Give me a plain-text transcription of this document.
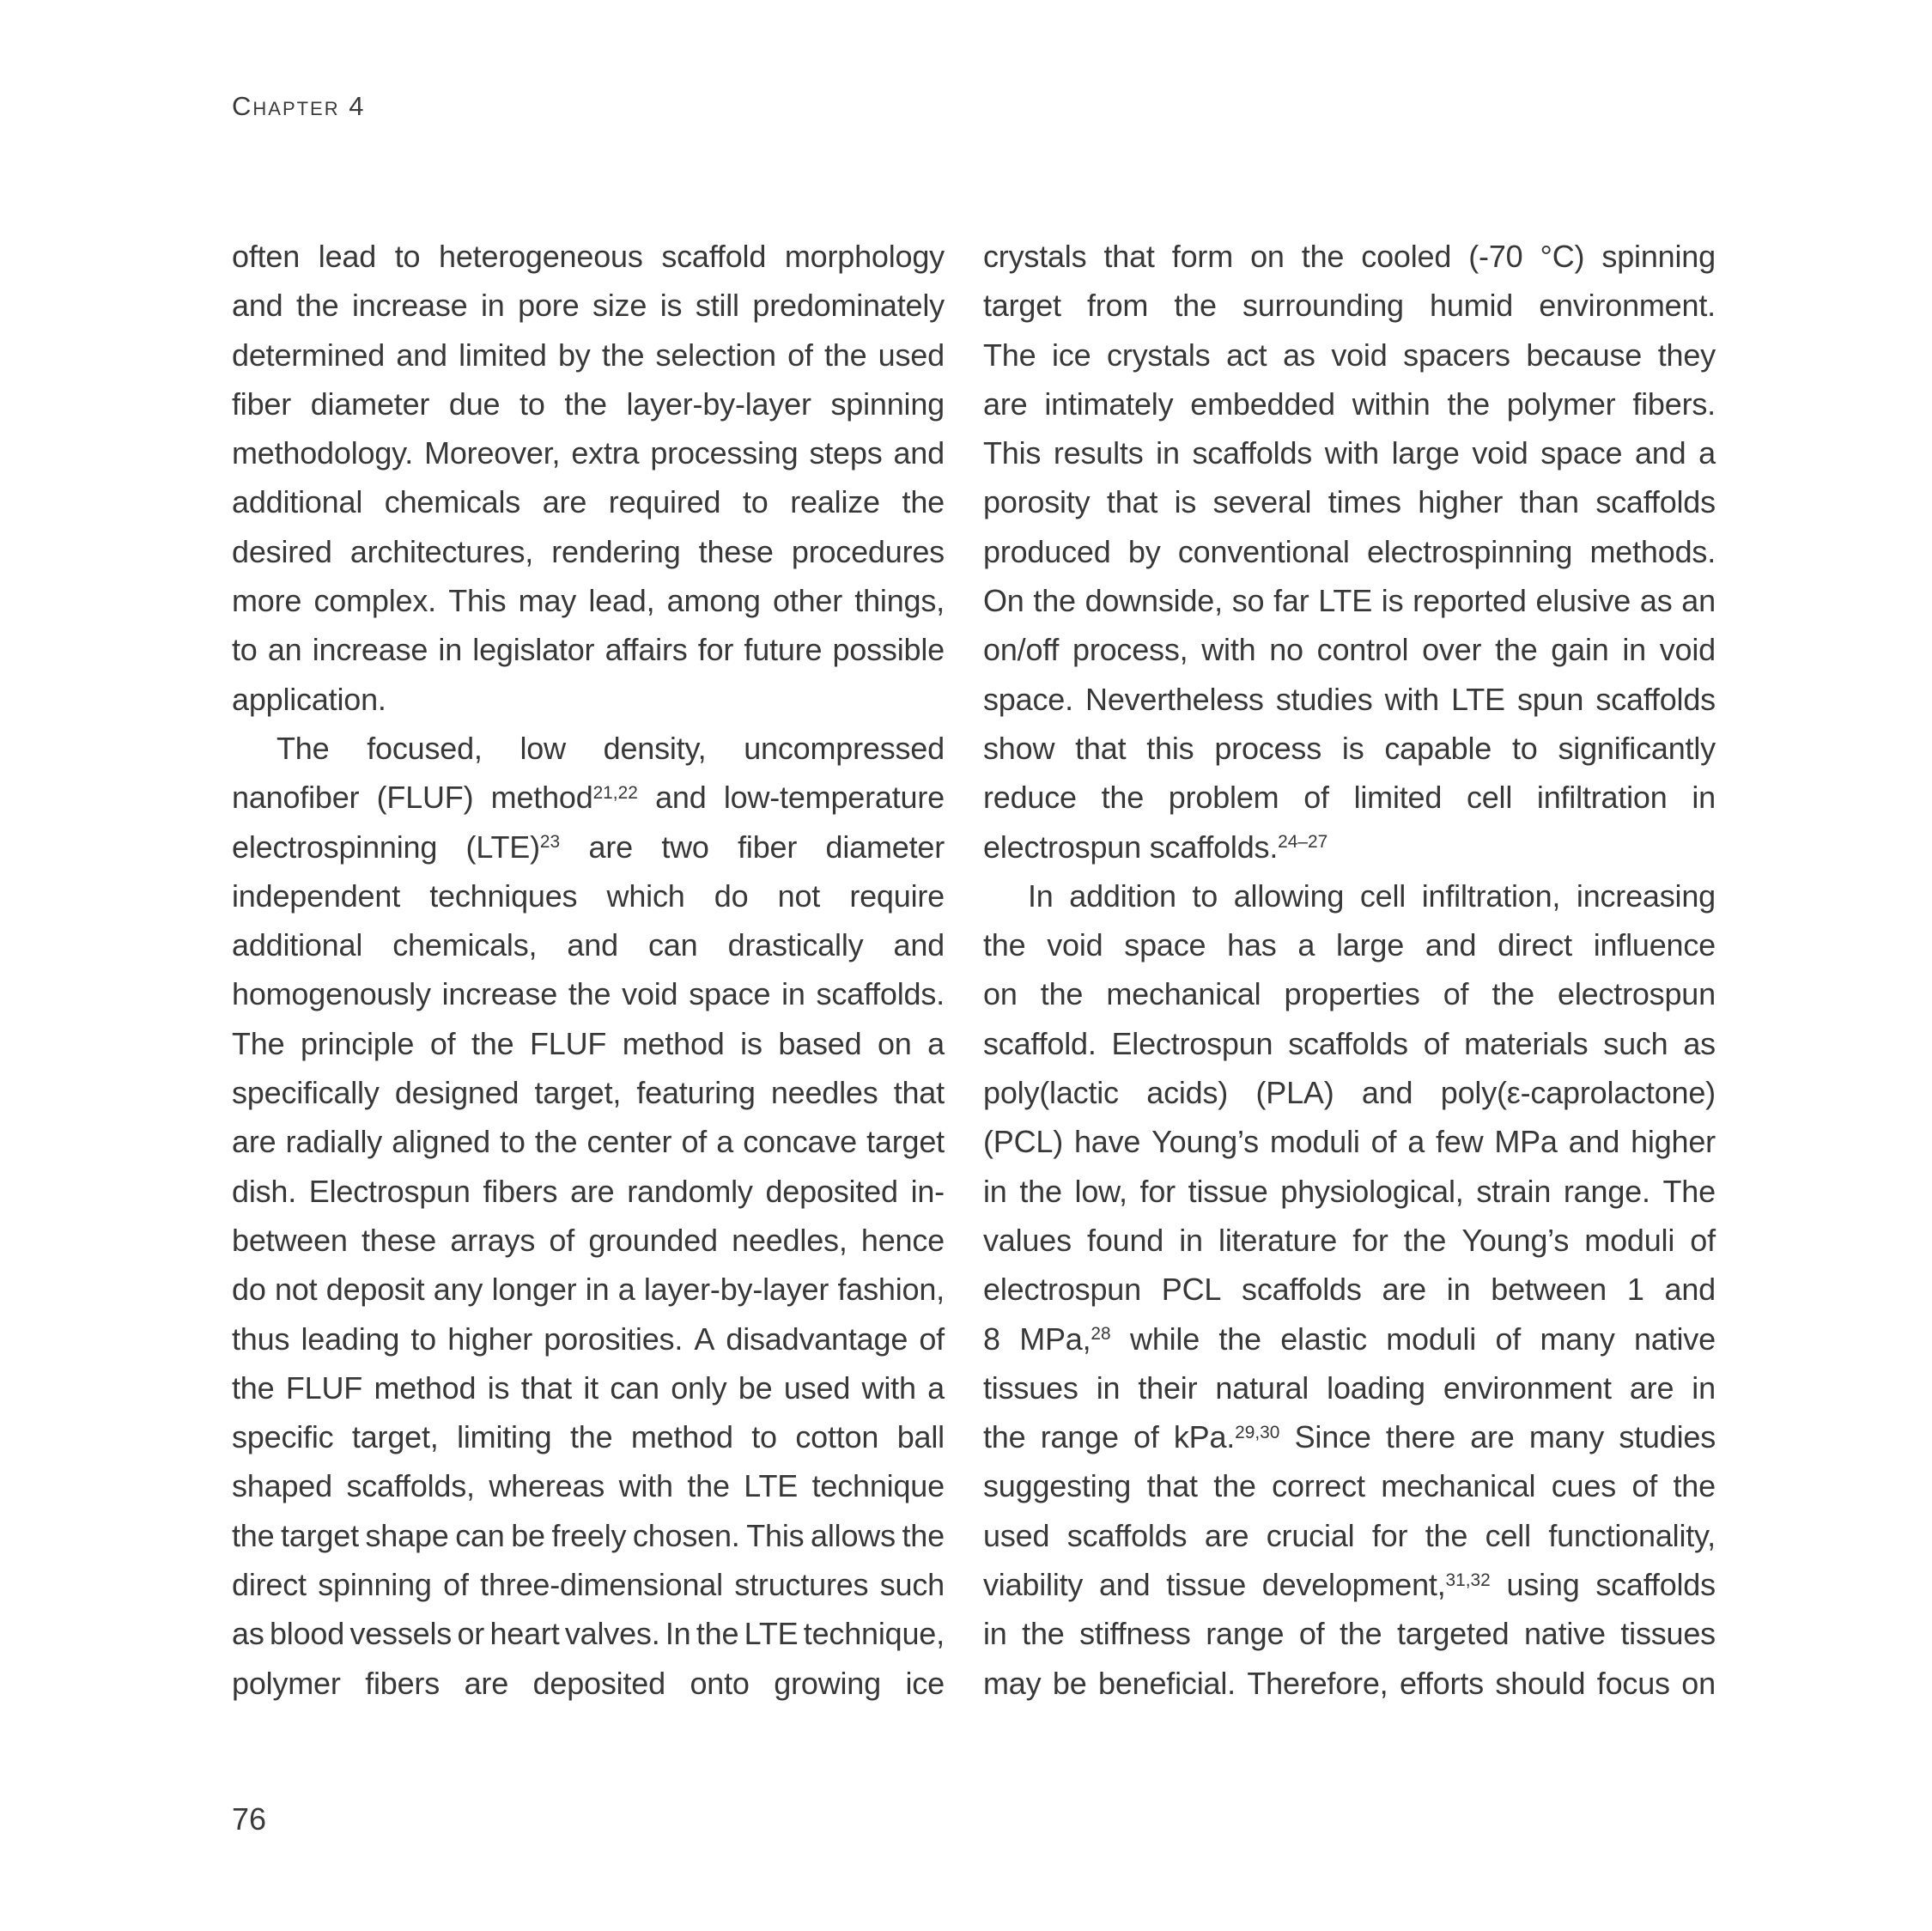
Chapter 4
often lead to heterogeneous scaffold morphology
and the increase in pore size is still predominately
determined and limited by the selection of the used
fiber diameter due to the layer-by-layer spinning
methodology. Moreover, extra processing steps and
additional chemicals are required to realize the
desired architectures, rendering these procedures
more complex. This may lead, among other things,
to an increase in legislator affairs for future possible
application.
The focused, low density, uncompressed
nanofiber (FLUF) method$^{21,22}$ and low-temperature
electrospinning (LTE)$^{23}$ are two fiber diameter
independent techniques which do not require
additional chemicals, and can drastically and
homogenously increase the void space in scaffolds.
The principle of the FLUF method is based on a
specifically designed target, featuring needles that
are radially aligned to the center of a concave target
dish. Electrospun fibers are randomly deposited in-
between these arrays of grounded needles, hence
do not deposit any longer in a layer-by-layer fashion,
thus leading to higher porosities. A disadvantage of
the FLUF method is that it can only be used with a
specific target, limiting the method to cotton ball
shaped scaffolds, whereas with the LTE technique
the target shape can be freely chosen. This allows the
direct spinning of three-dimensional structures such
as blood vessels or heart valves. In the LTE technique,
polymer fibers are deposited onto growing ice
crystals that form on the cooled (-70 °C) spinning
target from the surrounding humid environment.
The ice crystals act as void spacers because they
are intimately embedded within the polymer fibers.
This results in scaffolds with large void space and a
porosity that is several times higher than scaffolds
produced by conventional electrospinning methods.
On the downside, so far LTE is reported elusive as an
on/off process, with no control over the gain in void
space. Nevertheless studies with LTE spun scaffolds
show that this process is capable to significantly
reduce the problem of limited cell infiltration in
electrospun scaffolds.$^{24-27}$
In addition to allowing cell infiltration, increasing
the void space has a large and direct influence
on the mechanical properties of the electrospun
scaffold. Electrospun scaffolds of materials such as
poly(lactic acids) (PLA) and poly(ε-caprolactone)
(PCL) have Young’s moduli of a few MPa and higher
in the low, for tissue physiological, strain range. The
values found in literature for the Young’s moduli of
electrospun PCL scaffolds are in between 1 and
8 MPa,$^{28}$ while the elastic moduli of many native
tissues in their natural loading environment are in
the range of kPa.$^{29,30}$ Since there are many studies
suggesting that the correct mechanical cues of the
used scaffolds are crucial for the cell functionality,
viability and tissue development,$^{31,32}$ using scaffolds
in the stiffness range of the targeted native tissues
may be beneficial. Therefore, efforts should focus on
76
